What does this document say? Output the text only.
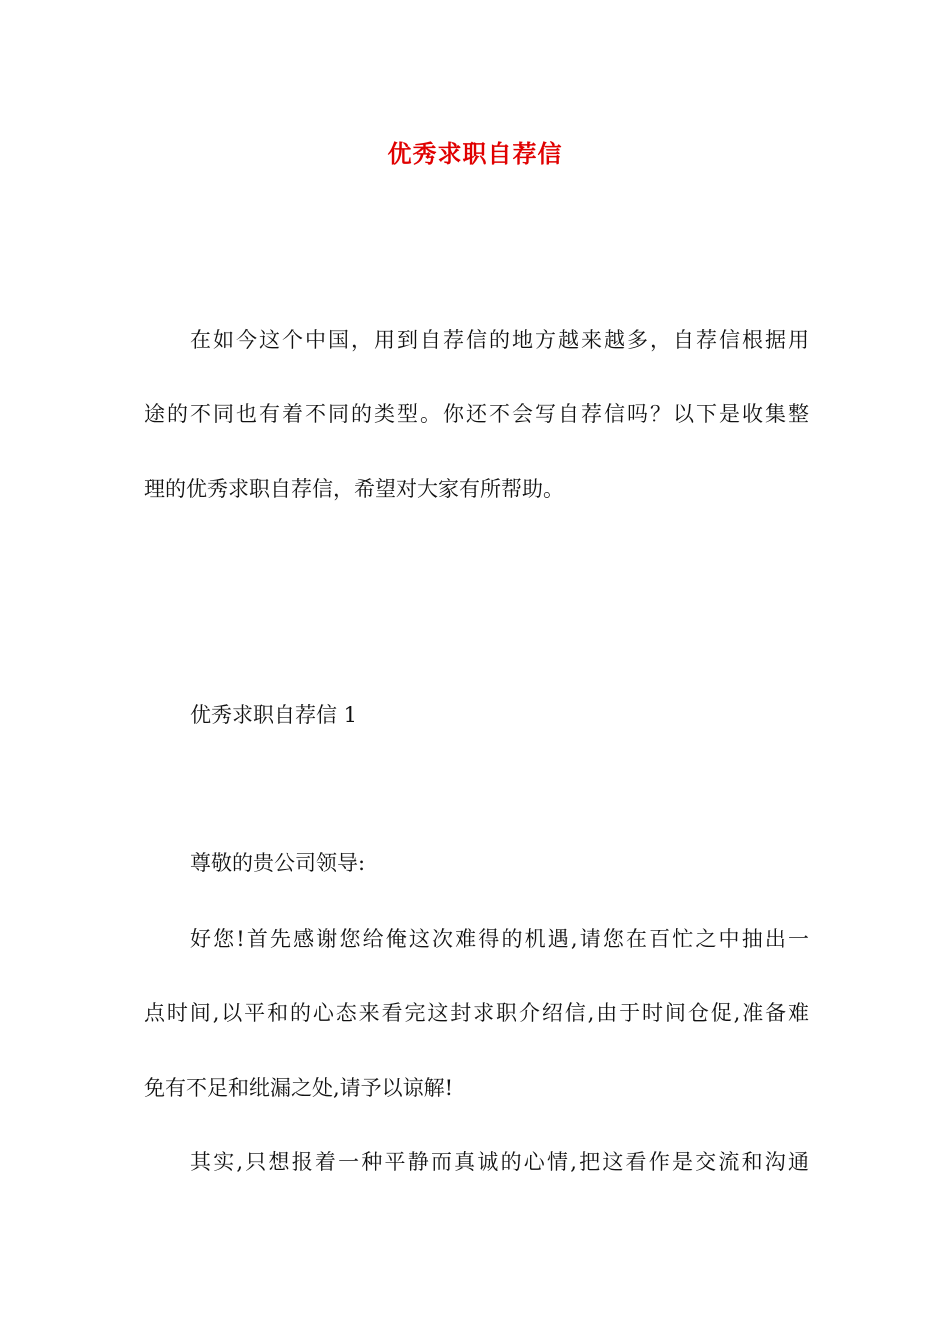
优秀求职自荐信
在如今这个中国，用到自荐信的地方越来越多，自荐信根据用
途的不同也有着不同的类型。你还不会写自荐信吗？以下是收集整
理的优秀求职自荐信，希望对大家有所帮助。
优秀求职自荐信 1
尊敬的贵公司领导:
好您!首先感谢您给俺这次难得的机遇,请您在百忙之中抽出一
点时间,以平和的心态来看完这封求职介绍信,由于时间仓促,准备难
免有不足和纰漏之处,请予以谅解!
其实,只想报着一种平静而真诚的心情,把这看作是交流和沟通
